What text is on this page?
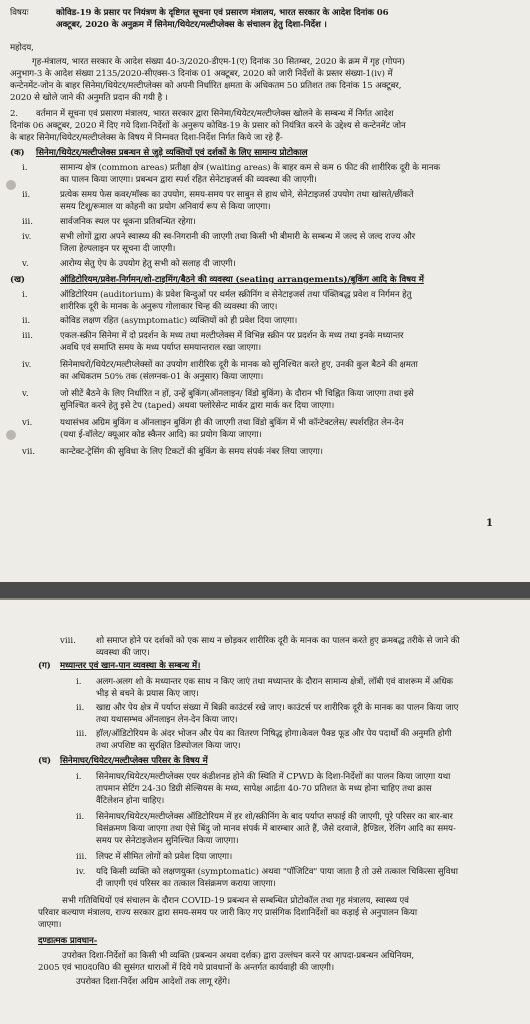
विषयः	कोविड-19 के प्रसार पर नियंत्रण के दृष्टिगत सूचना एवं प्रसारण मंत्रालय, भारत सरकार के आदेश दिनांक 06
अक्टूबर, 2020 के अनुक्रम में सिनेमा/थियेटर/मल्टीप्लेक्स के संचालन हेतु दिशा-निर्देश ।
महोदय,
गृह-मंत्रालय, भारत सरकार के आदेश संख्या 40-3/2020-डीएम-1(ए) दिनांक 30 सितम्बर, 2020 के क्रम में गृह (गोपन)
अनुभाग-3 के आदेश संख्या 2135/2020-सीएक्स-3 दिनांक 01 अक्टूबर, 2020 को जारी निर्देशों के प्रस्तर संख्या-1(iv) में
कन्टेनमेंट-जोन के बाहर सिनेमा/थियेटर/मल्टीप्लेक्स को अपनी निर्धारित क्षमता के अधिकतम 50 प्रतिशत तक दिनांक 15 अक्टूबर,
2020 से खोले जाने की अनुमति प्रदान की गयी है ।
2. वर्तमान में सूचना एवं प्रसारण मंत्रालय, भारत सरकार द्वारा सिनेमा/थियेटर/मल्टीप्लेक्स खोलने के सम्बन्ध में निर्गत आदेश
दिनांक 06 अक्टूबर, 2020 में दिए गये दिशा-निर्देशों के अनुरूप कोविड-19 के प्रसार को नियंत्रित करने के उद्देश्य से कन्टेनमेंट जोन
के बाहर सिनेमा/थियेटर/मल्टीप्लेक्स के विषय में निम्नवत दिशा-निर्देश निर्गत किये जा रहे हैं-
(क) सिनेमा/थियेटर/मल्टीप्लेक्स प्रबन्धन से जुड़े व्यक्तियों एवं दर्शकों के लिए सामान्य प्रोटोकाल
i.	सामान्य क्षेत्र (common areas) प्रतीक्षा क्षेत्र (waiting areas) के बाहर कम से कम 6 फीट की शारीरिक दूरी के मानक
का पालन किया जाएगा। प्रबन्धन द्वारा स्पर्श रहित सेनेटाइजर्स की व्यवस्था की जाएगी।
ii.	प्रत्येक समय फेस कवर/मॉस्क का उपयोग, समय-समय पर साबुन से हाथ धोने, सेनेटाइजर्स उपयोग तथा खांसते/छींकते
समय टिशू/रूमाल या कोहनी का प्रयोग अनिवार्य रूप से किया जाएगा।
iii.	सार्वजनिक स्थल पर थूकना प्रतिबन्धित रहेगा।
iv.	सभी लोगों द्वारा अपने स्वास्थ्य की स्व-निगरानी की जाएगी तथा किसी भी बीमारी के सम्बन्ध में जल्द से जल्द राज्य और
जिला हेल्पलाइन पर सूचना दी जाएगी।
v.	आरोग्य सेतु ऐप के उपयोग हेतु सभी को सलाह दी जाएगी।
(ख)	ऑडिटोरियम/प्रवेश-निर्गमन/शो-टाइमिंग/बैठने की व्यवस्था (seating arrangements)/बुकिंग आदि के विषय में
i.	ऑडिटोरियम (auditorium) के प्रवेश बिन्दुओं पर थर्मल स्क्रीनिंग व सेनेटाइजर्स तथा पंक्तिबद्ध प्रवेश व निर्गमन हेतु
शारीरिक दूरी के मानक के अनुरूप गोलाकार चिन्ह की व्यवस्था की जाए।
ii.	कोविड लक्षण रहित (asymptomatic) व्यक्तियों को ही प्रवेश दिया जाएगा।
iii.	एकल-स्क्रीन सिनेमा में दो प्रदर्शन के मध्य तथा मल्टीप्लेक्स में विभिन्न स्क्रीन पर प्रदर्शन के मध्य तथा इनके मध्यान्तर
अवधि एवं समाप्ति समय के मध्य पर्याप्त समयान्तराल रखा जाएगा।
iv.	सिनेमाघरों/थियेटर/मल्टीप्लेक्सों का उपयोग शारीरिक दूरी के मानक को सुनिश्चित करते हुए, उनकी कुल बैठने की क्षमता
का अधिकतम 50% तक (संलग्नक-01 के अनुसार) किया जाएगा।
v.	जो सीटें बैठने के लिए निर्धारित न हों, उन्हें बुकिंग(ऑनलाइन/ विंडो बुकिंग) के दौरान भी चिह्नित किया जाएगा तथा इसे
सुनिश्चित करने हेतु इसे टेप (taped) अथवा फ्लोरेसेन्ट मार्कर द्वारा मार्क कर दिया जाएगा।
vi.	यथासंभव अग्रिम बुकिंग व ऑनलाइन बुकिंग ही की जाएगी तथा विंडो बुकिंग में भी कॉन्टेक्टलेस/ स्पर्शरहित लेन-देन
(यथा ई-वॉलेट/ क्यूआर कोड स्कैनर आदि) का प्रयोग किया जाएगा।
vii.	कान्टेक्ट-ट्रेसिंग की सुविधा के लिए टिकटों की बुकिंग के समय संपर्क नंबर लिया जाएगा।
1
viii. शो समाप्त होने पर दर्शकों को एक साथ न छोड़कर शारीरिक दूरी के मानक का पालन करते हुए क्रमबद्ध तरीके से जाने की
व्यवस्था की जाए।
(ग) मध्यान्तर एवं खान-पान व्यवस्था के सम्बन्ध में।
i. अलग-अलग शो के मध्यान्तर एक साथ न किए जाएं तथा मध्यान्तर के दौरान सामान्य क्षेत्रों, लॉबी एवं वाशरूम में अधिक
भीड़ से बचने के प्रयास किए जाए।
ii. खाद्य और पेय क्षेत्र में पर्याप्त संख्या में बिक्री काउंटर्स रखे जाए। काउंटर्स पर शारीरिक दूरी के मानक का पालन किया जाए
तथा यथासम्भव ऑनलाइन लेन-देन किया जाए।
iii. हॉल/ऑडिटोरियम के अंदर भोजन और पेय का वितरण निषिद्ध होगा।केवल पैक्ड फूड और पेय पदार्थों की अनुमति होगी
तथा अपशिष्ट का सुरक्षित डिस्पोजल किया जाए।
(घ) सिनेमाघर/थियेटर/मल्टीप्लेक्स परिसर के विषय में
i. सिनेमाघर/थियेटर/मल्टीप्लेक्स एयर कंडीशनड होने की स्थिति में CPWD के दिशा-निर्देशों का पालन किया जाएगा यथा
तापमान सेटिंग 24-30 डिग्री सेल्सियस के मध्य, सापेक्ष आर्द्रता 40-70 प्रतिशत के मध्य होना चाहिए तथा क्रास
वैंटिलेशन होना चाहिए।
ii. सिनेमाघर/थियेटर/मल्टीप्लेक्स ऑडिटोरियम में हर शो/स्क्रीनिंग के बाद पर्याप्त सफाई की जाएगी, पूरे परिसर का बार-बार
विसंक्रमण किया जाएगा तथा ऐसे बिंदु जो मानव संपर्क में बारम्बार आते हैं, जैसे दरवाजे, हैण्डिल, रेलिंग आदि का समय-
समय पर सेनेटाइजेशन सुनिश्चित किया जाएगा।
iii. लिफ्ट में सीमित लोगों को प्रवेश दिया जाएगा।
iv. यदि किसी व्यक्ति को लक्षणयुक्त (symptomatic) अथवा "पॉजिटिव" पाया जाता है तो उसे तत्काल चिकित्सा सुविधा
दी जाएगी एवं परिसर का तत्काल विसंक्रमण कराया जाएगा।
सभी गतिविधियों एवं संचालन के दौरान COVID-19 प्रबन्धन से सम्बन्धित प्रोटोकॉल तथा गृह मंत्रालय, स्वास्थ्य एवं
परिवार कल्याण मंत्रालय, राज्य सरकार द्वारा समय-समय पर जारी किए गए प्रासंगिक दिशानिर्देशों का कड़ाई से अनुपालन किया
जाएगा।
दण्डात्मक प्रावधान-
उपरोक्त दिशा-निर्देशों का किसी भी व्यक्ति (प्रबन्धन अथवा दर्शक) द्वारा उल्लंघन करने पर आपदा-प्रबन्धन अधिनियम,
2005 एवं भा0द0वि0 की सुसंगत धाराओं में दिये गये प्रावधानों के अन्तर्गत कार्यवाही की जाएगी।
उपरोक्त दिशा-निर्देश अग्रिम आदेशों तक लागू रहेंगे।
